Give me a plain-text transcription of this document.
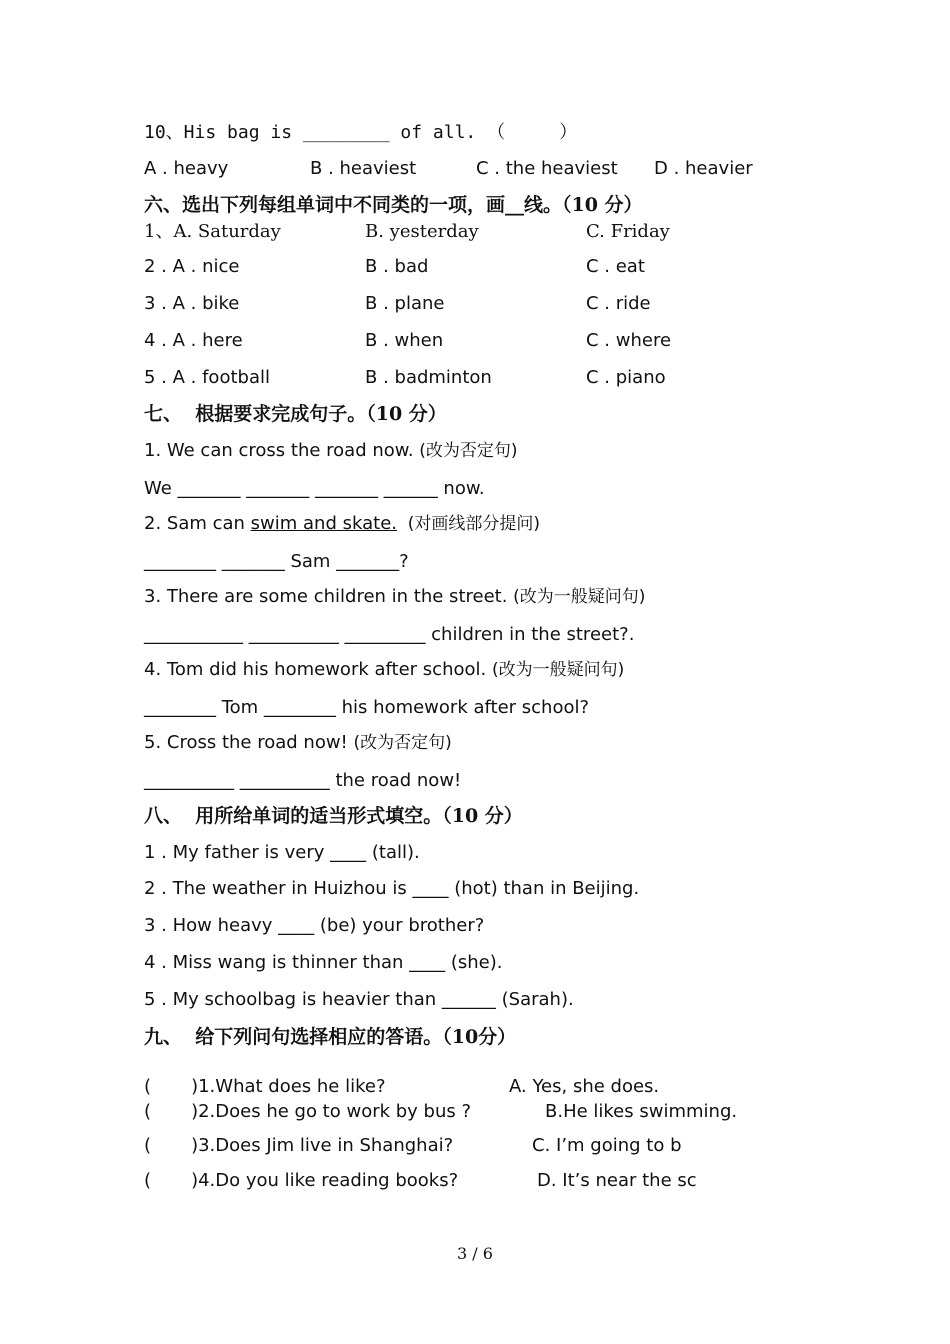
10、His bag is ________ of all. （     ）
A . heavy	B . heaviest	C . the heaviest D . heavier
六、选出下列每组单词中不同类的一项，画__线。（10 分）
1、A. Saturday	B. yesterday	C. Friday
2 . A . nice	B . bad	C . eat
3 . A . bike	B . plane	C . ride
4 . A . here	B . when	C . where
5 . A . football	B . badminton	C . piano
七、  根据要求完成句子。（10 分）
1. We can cross the road now. (改为否定句)
We _______ _______ _______ ______ now.
2. Sam can swim and skate.  (对画线部分提问)
________ _______ Sam _______?
3. There are some children in the street. (改为一般疑问句)
___________ __________ _________ children in the street?.
4. Tom did his homework after school. (改为一般疑问句)
________ Tom ________ his homework after school?
5. Cross the road now! (改为否定句)
__________ __________ the road now!
八、  用所给单词的适当形式填空。（10 分）
1 . My father is very ____ (tall).
2 . The weather in Huizhou is ____ (hot) than in Beijing.
3 . How heavy ____ (be) your brother?
4 . Miss wang is thinner than ____ (she).
5 . My schoolbag is heavier than ______ (Sarah).
九、  给下列问句选择相应的答语。（10分）
(       )1.What does he like?	A. Yes, she does.
(       )2.Does he go to work by bus ?	B.He likes swimming.
(       )3.Does Jim live in Shanghai?	C. I’m going to b
(       )4.Do you like reading books?	D. It’s near the sc
3 / 6
